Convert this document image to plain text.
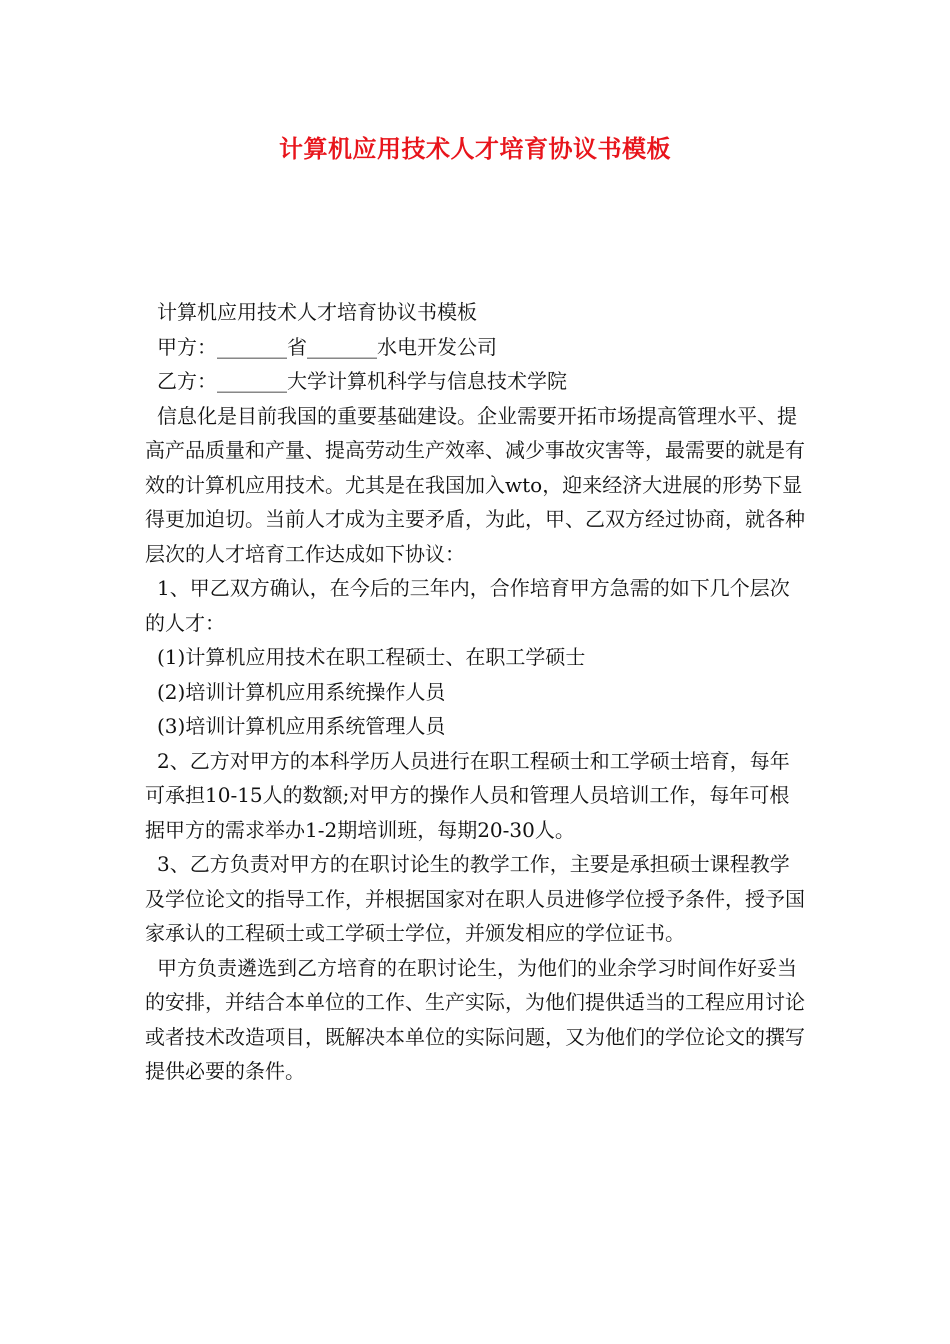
计算机应用技术人才培育协议书模板

计算机应用技术人才培育协议书模板

甲方：_______省_______水电开发公司

乙方：_______大学计算机科学与信息技术学院

信息化是目前我国的重要基础建设。企业需要开拓市场提高管理水平、提高产品质量和产量、提高劳动生产效率、减少事故灾害等，最需要的就是有效的计算机应用技术。尤其是在我国加入wto，迎来经济大进展的形势下显得更加迫切。当前人才成为主要矛盾，为此，甲、乙双方经过协商，就各种层次的人才培育工作达成如下协议：

1、甲乙双方确认，在今后的三年内，合作培育甲方急需的如下几个层次的人才：

(1)计算机应用技术在职工程硕士、在职工学硕士

(2)培训计算机应用系统操作人员

(3)培训计算机应用系统管理人员

2、乙方对甲方的本科学历人员进行在职工程硕士和工学硕士培育，每年可承担10-15人的数额;对甲方的操作人员和管理人员培训工作，每年可根据甲方的需求举办1-2期培训班，每期20-30人。

3、乙方负责对甲方的在职讨论生的教学工作，主要是承担硕士课程教学及学位论文的指导工作，并根据国家对在职人员进修学位授予条件，授予国家承认的工程硕士或工学硕士学位，并颁发相应的学位证书。

甲方负责遴选到乙方培育的在职讨论生，为他们的业余学习时间作好妥当的安排，并结合本单位的工作、生产实际，为他们提供适当的工程应用讨论或者技术改造项目，既解决本单位的实际问题，又为他们的学位论文的撰写提供必要的条件。
